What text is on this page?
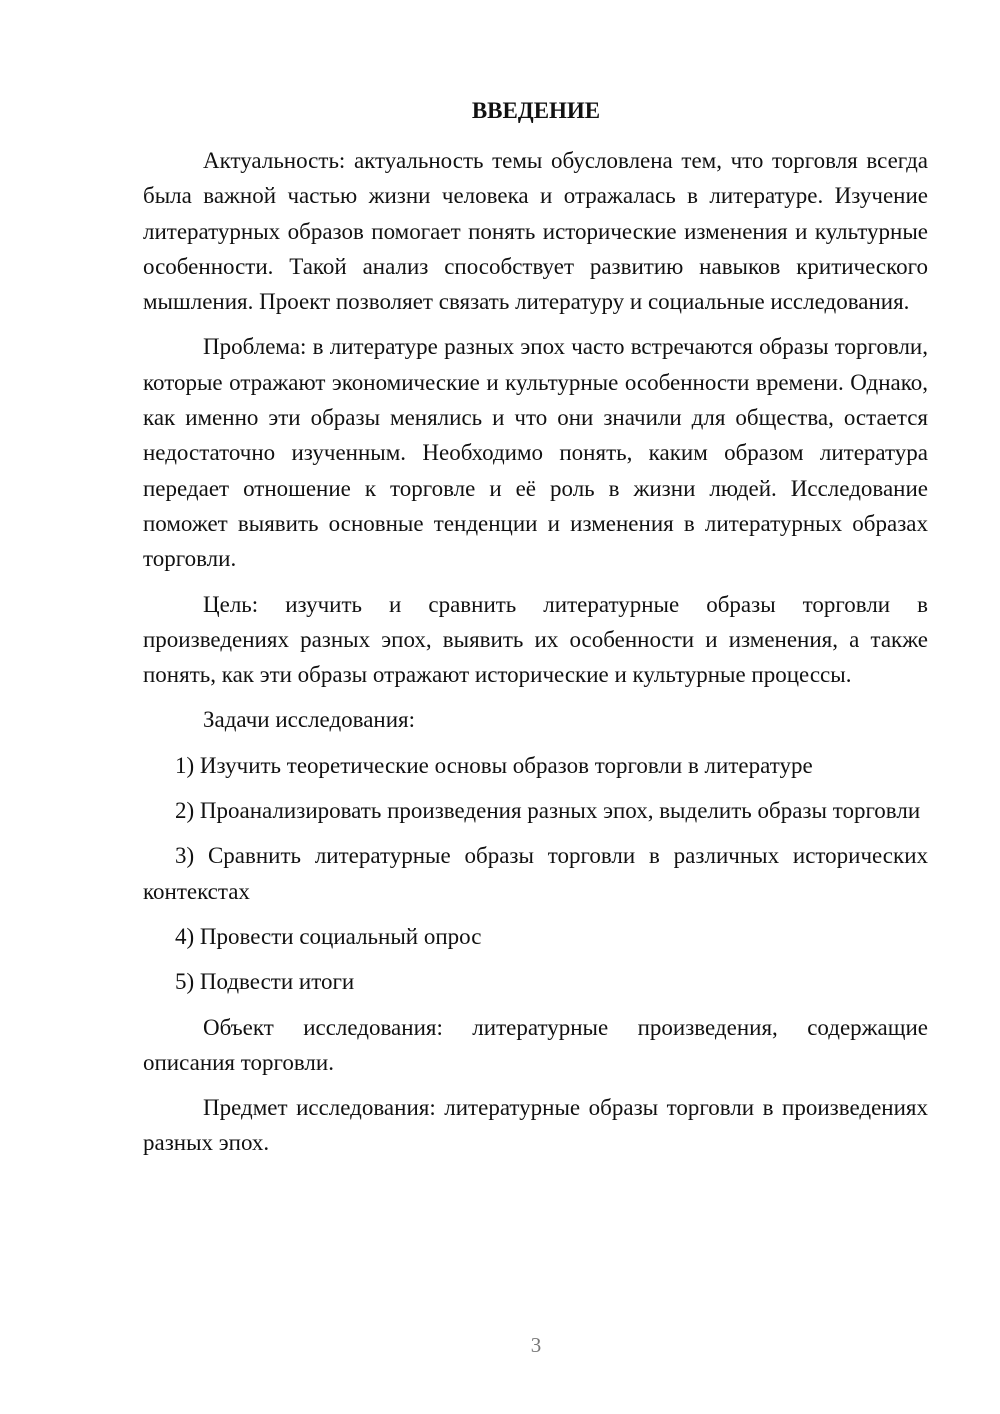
ВВЕДЕНИЕ

Актуальность: актуальность темы обусловлена тем, что торговля всегда была важной частью жизни человека и отражалась в литературе. Изучение литературных образов помогает понять исторические изменения и культурные особенности. Такой анализ способствует развитию навыков критического мышления. Проект позволяет связать литературу и социальные исследования.

Проблема: в литературе разных эпох часто встречаются образы торговли, которые отражают экономические и культурные особенности времени. Однако, как именно эти образы менялись и что они значили для общества, остается недостаточно изученным. Необходимо понять, каким образом литература передает отношение к торговле и её роль в жизни людей. Исследование поможет выявить основные тенденции и изменения в литературных образах торговли.

Цель: изучить и сравнить литературные образы торговли в произведениях разных эпох, выявить их особенности и изменения, а также понять, как эти образы отражают исторические и культурные процессы.

Задачи исследования:

1) Изучить теоретические основы образов торговли в литературе

2) Проанализировать произведения разных эпох, выделить образы торговли

3) Сравнить литературные образы торговли в различных исторических контекстах

4) Провести социальный опрос

5) Подвести итоги

Объект исследования: литературные произведения, содержащие описания торговли.

Предмет исследования: литературные образы торговли в произведениях разных эпох.

3
